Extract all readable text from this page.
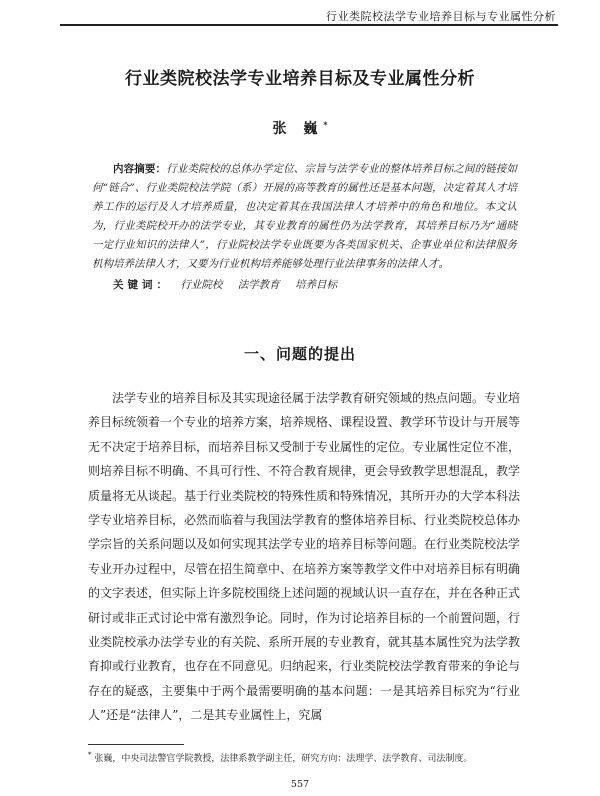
行业类院校法学专业培养目标与专业属性分析
行业类院校法学专业培养目标及专业属性分析
张 巍*
内容摘要：行业类院校的总体办学定位、宗旨与法学专业的整体培养目标之间的链接如何“链合”、行业类院校法学院（系）开展的高等教育的属性还是基本问题，决定着其人才培养工作的运行及人才培养质量，也决定着其在我国法律人才培养中的角色和地位。本文认为，行业类院校开办的法学专业，其专业教育的属性仍为法学教育，其培养目标乃为“通晓一定行业知识的法律人”，行业院校法学专业既要为各类国家机关、企事业单位和法律服务机构培养法律人才，又要为行业机构培养能够处理行业法律事务的法律人才。
关键词： 行业院校 法学教育 培养目标
一、问题的提出

法学专业的培养目标及其实现途径属于法学教育研究领域的热点问题。专业培养目标统领着一个专业的培养方案，培养规格、课程设置、教学环节设计与开展等无不决定于培养目标，而培养目标又受制于专业属性的定位。专业属性定位不准，则培养目标不明确、不具可行性、不符合教育规律，更会导致教学思想混乱，教学质量将无从谈起。基于行业类院校的特殊性质和特殊情况，其所开办的大学本科法学专业培养目标，必然而临着与我国法学教育的整体培养目标、行业类院校总体办学宗旨的关系问题以及如何实现其法学专业的培养目标等问题。在行业类院校法学专业开办过程中，尽管在招生简章中、在培养方案等教学文件中对培养目标有明确的文字表述，但实际上许多院校围绕上述问题的视域认识一直存在，并在各种正式研讨或非正式讨论中常有激烈争论。同时，作为讨论培养目标的一个前置问题，行业类院校承办法学专业的有关院、系所开展的专业教育，就其基本属性究为法学教育抑或行业教育，也存在不同意见。归纳起来，行业类院校法学教育带来的争论与存在的疑惑，主要集中于两个最需要明确的基本问题：一是其培养目标究为“行业人”还是“法律人”，二是其专业属性上，究属

* 张巍，中央司法警官学院教授，法律系教学副主任，研究方向：法理学、法学教育、司法制度。
557
